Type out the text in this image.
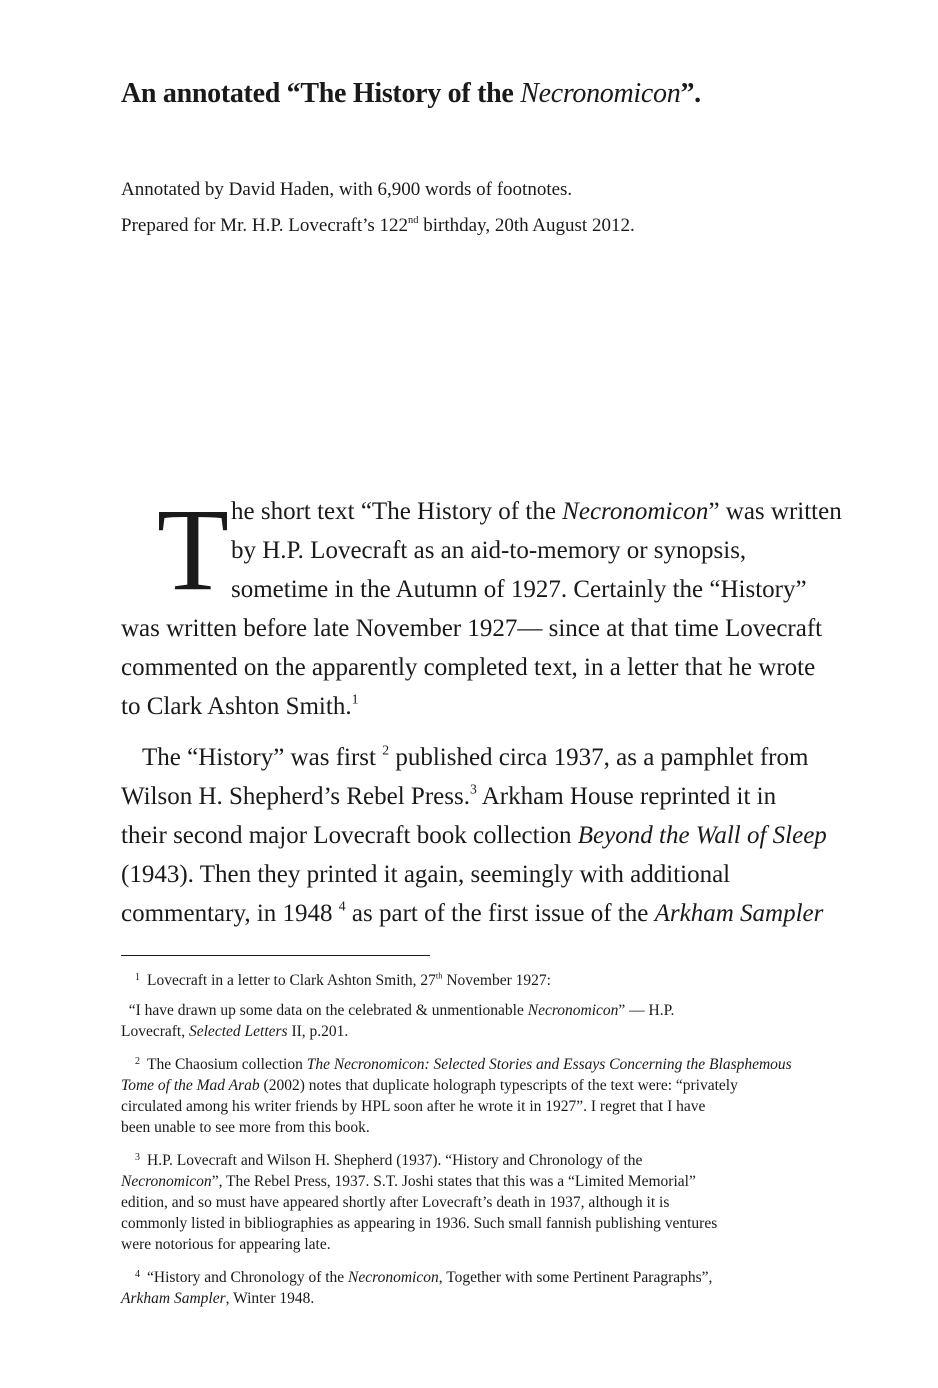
An annotated “The History of the Necronomicon”.

Annotated by David Haden, with 6,900 words of footnotes.

Prepared for Mr. H.P. Lovecraft’s 122nd birthday, 20th August 2012.

T he short text “The History of the Necronomicon” was written
by H.P. Lovecraft as an aid-to-memory or synopsis,
sometime in the Autumn of 1927. Certainly the “History”
was written before late November 1927— since at that time Lovecraft
commented on the apparently completed text, in a letter that he wrote
to Clark Ashton Smith.$^1$
The “History” was first $^2$ published circa 1937, as a pamphlet from
Wilson H. Shepherd’s Rebel Press.$^3$ Arkham House reprinted it in
their second major Lovecraft book collection Beyond the Wall of Sleep
(1943). Then they printed it again, seemingly with additional
commentary, in 1948 $^4$ as part of the first issue of the Arkham Sampler

$^1$ Lovecraft in a letter to Clark Ashton Smith, 27th November 1927:

“I have drawn up some data on the celebrated & unmentionable Necronomicon” — H.P.
Lovecraft, Selected Letters II, p.201.

$^2$ The Chaosium collection The Necronomicon: Selected Stories and Essays Concerning the Blasphemous
Tome of the Mad Arab (2002) notes that duplicate holograph typescripts of the text were: “privately
circulated among his writer friends by HPL soon after he wrote it in 1927”. I regret that I have
been unable to see more from this book.

$^3$ H.P. Lovecraft and Wilson H. Shepherd (1937). “History and Chronology of the
Necronomicon”, The Rebel Press, 1937. S.T. Joshi states that this was a “Limited Memorial”
edition, and so must have appeared shortly after Lovecraft’s death in 1937, although it is
commonly listed in bibliographies as appearing in 1936. Such small fannish publishing ventures
were notorious for appearing late.

$^4$ “History and Chronology of the Necronomicon, Together with some Pertinent Paragraphs”,
Arkham Sampler, Winter 1948.
